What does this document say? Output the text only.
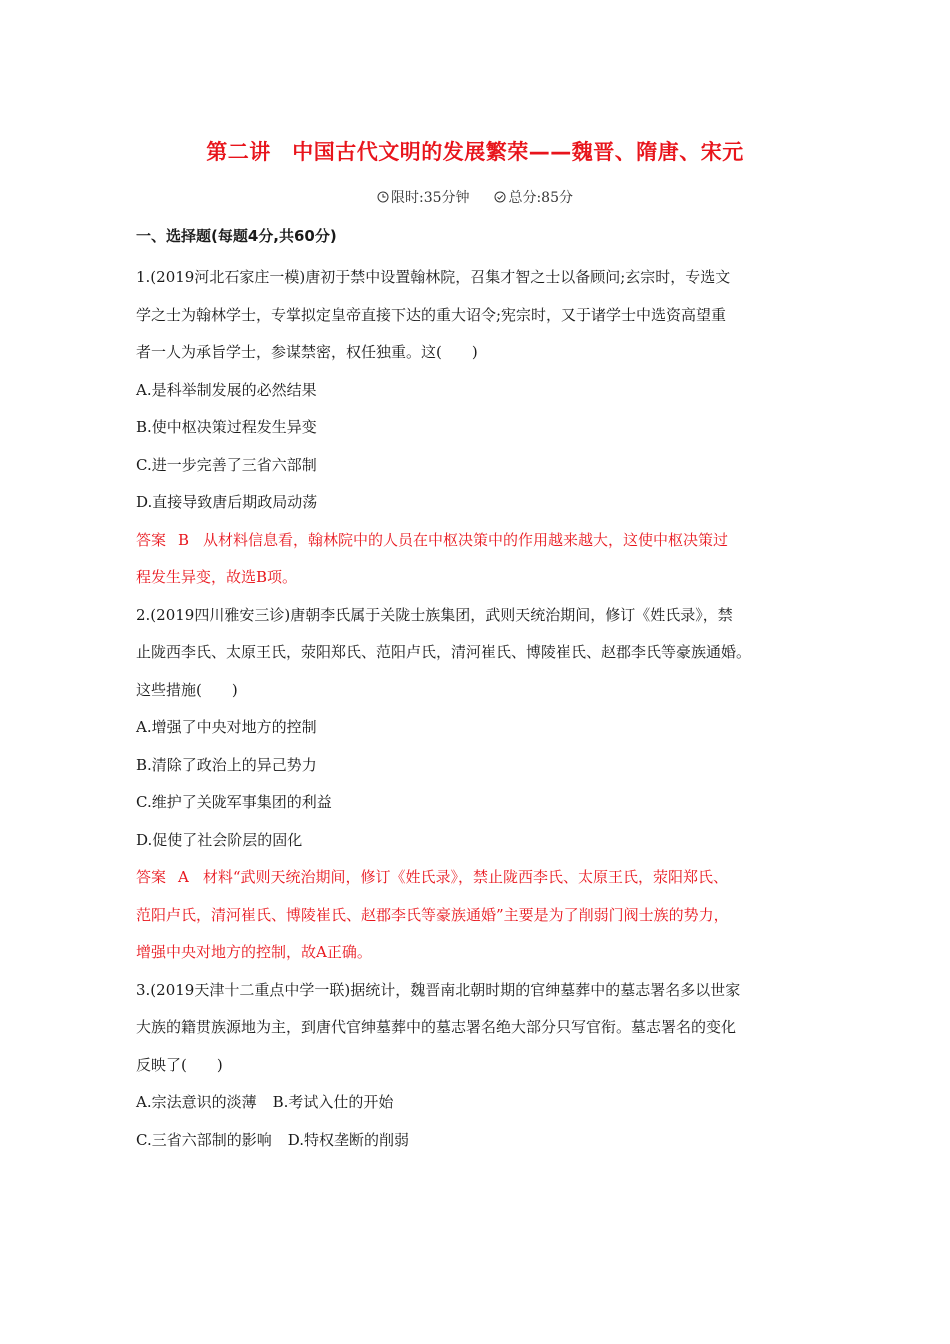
第二讲　中国古代文明的发展繁荣——魏晋、隋唐、宋元
限时:35分钟	总分:85分
一、选择题(每题4分,共60分)
1.(2019河北石家庄一模)唐初于禁中设置翰林院，召集才智之士以备顾问;玄宗时，专选文
学之士为翰林学士，专掌拟定皇帝直接下达的重大诏令;宪宗时，又于诸学士中选资高望重
者一人为承旨学士，参谋禁密，权任独重。这(　　)
A.是科举制发展的必然结果
B.使中枢决策过程发生异变
C.进一步完善了三省六部制
D.直接导致唐后期政局动荡
答案 B 从材料信息看，翰林院中的人员在中枢决策中的作用越来越大，这使中枢决策过
程发生异变，故选B项。
2.(2019四川雅安三诊)唐朝李氏属于关陇士族集团，武则天统治期间，修订《姓氏录》，禁
止陇西李氏、太原王氏，荥阳郑氏、范阳卢氏，清河崔氏、博陵崔氏、赵郡李氏等豪族通婚。
这些措施(　　)
A.增强了中央对地方的控制
B.清除了政治上的异己势力
C.维护了关陇军事集团的利益
D.促使了社会阶层的固化
答案 A 材料“武则天统治期间，修订《姓氏录》，禁止陇西李氏、太原王氏，荥阳郑氏、
范阳卢氏，清河崔氏、博陵崔氏、赵郡李氏等豪族通婚”主要是为了削弱门阀士族的势力，
增强中央对地方的控制，故A正确。
3.(2019天津十二重点中学一联)据统计，魏晋南北朝时期的官绅墓葬中的墓志署名多以世家
大族的籍贯族源地为主，到唐代官绅墓葬中的墓志署名绝大部分只写官衔。墓志署名的变化
反映了(　　)
A.宗法意识的淡薄 B.考试入仕的开始
C.三省六部制的影响 D.特权垄断的削弱
